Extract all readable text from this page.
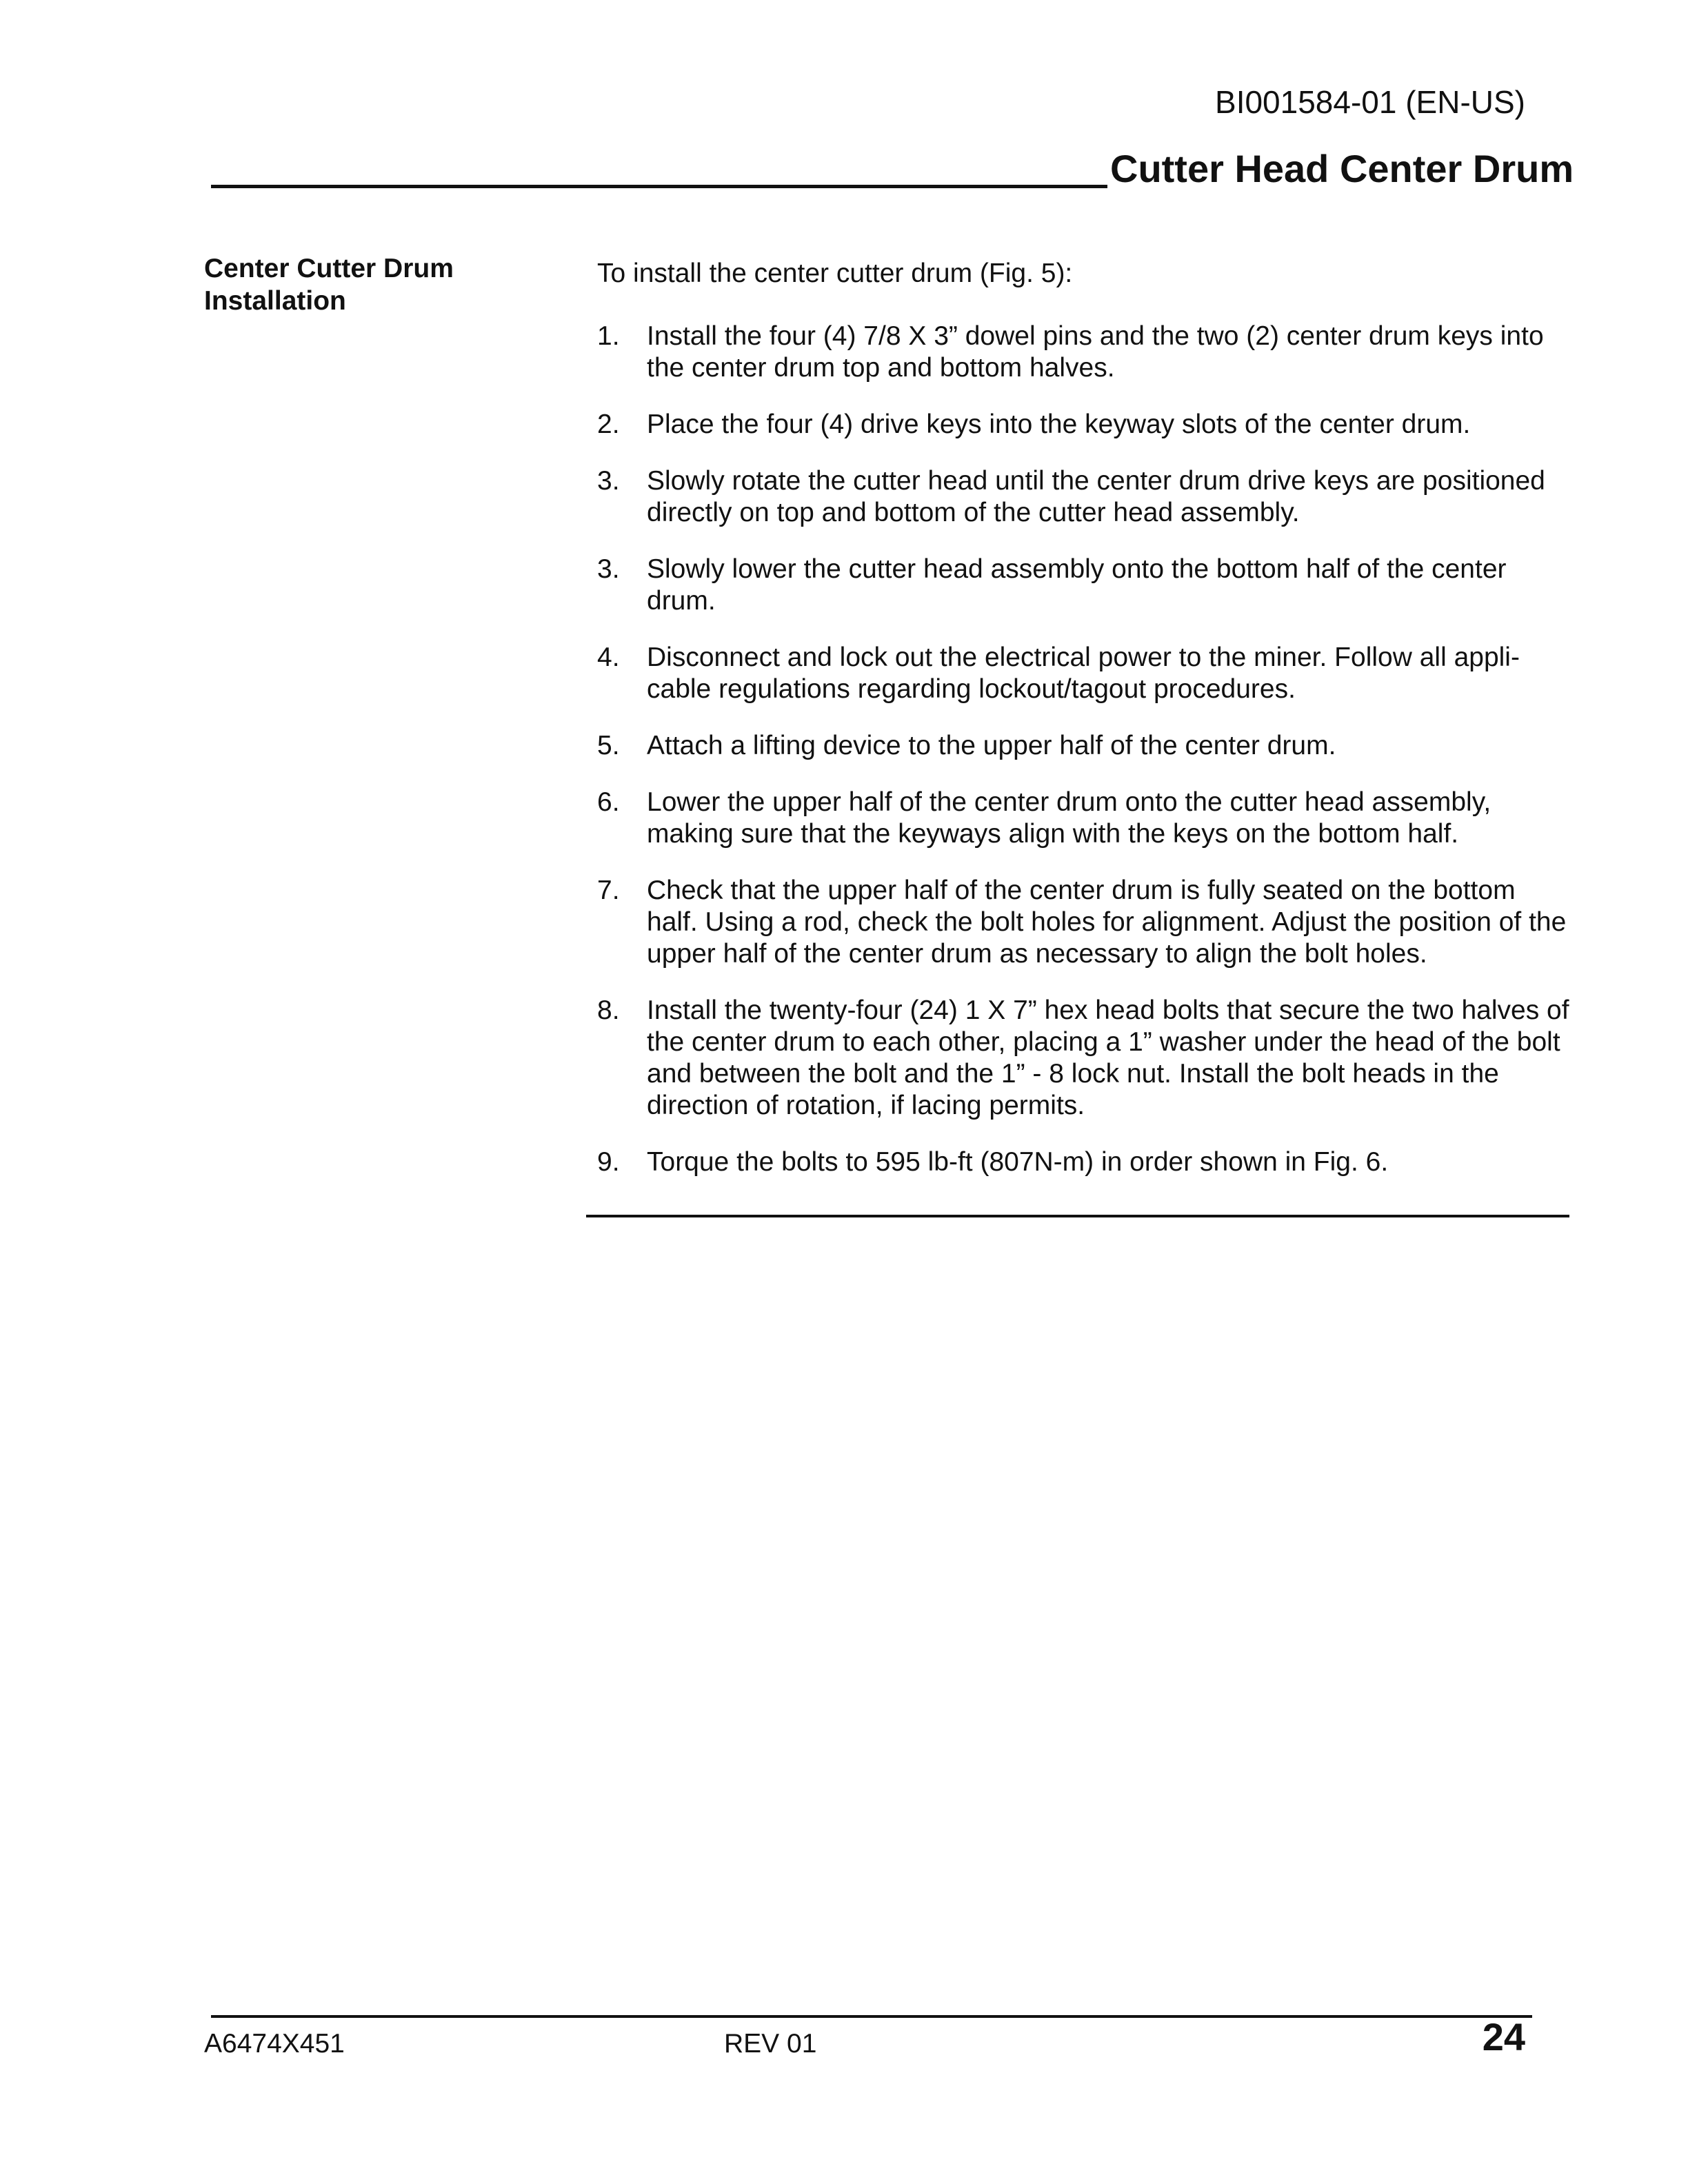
BI001584-01 (EN-US)
Cutter Head Center Drum
Center Cutter Drum
Installation

To install the center cutter drum (Fig. 5):

1. Install the four (4) 7/8 X 3” dowel pins and the two (2) center drum keys into the center drum top and bottom halves.
2. Place the four (4) drive keys into the keyway slots of the center drum.
3. Slowly rotate the cutter head until the center drum drive keys are positioned directly on top and bottom of the cutter head assembly.
3. Slowly lower the cutter head assembly onto the bottom half of the center drum.
4. Disconnect and lock out the electrical power to the miner. Follow all appli-cable regulations regarding lockout/tagout procedures.
5. Attach a lifting device to the upper half of the center drum.
6. Lower the upper half of the center drum onto the cutter head assembly, making sure that the keyways align with the keys on the bottom half.
7. Check that the upper half of the center drum is fully seated on the bottom half. Using a rod, check the bolt holes for alignment. Adjust the position of the upper half of the center drum as necessary to align the bolt holes.
8. Install the twenty-four (24) 1 X 7” hex head bolts that secure the two halves of the center drum to each other, placing a 1” washer under the head of the bolt and between the bolt and the 1” - 8 lock nut. Install the bolt heads in the direction of rotation, if lacing permits.
9. Torque the bolts to 595 lb-ft (807N-m) in order shown in Fig. 6.
A6474X451	REV 01	24
